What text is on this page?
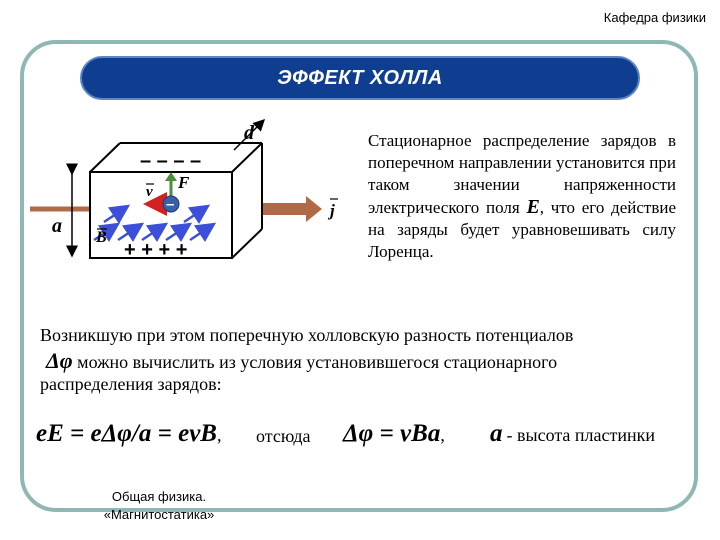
Кафедра физики
ЭФФЕКТ ХОЛЛА
d
a
– – – –
+ + + +
F
v
–
B
j
Стационарное распределение зарядов в поперечном направлении установится при таком значении напряженности электрического поля E, что его действие на заряды будет уравновешивать силу Лоренца.
Возникшую при этом поперечную холловскую разность потенциалов
Δφ можно вычислить из условия установившегося стационарного
распределения зарядов:
eE = eΔφ/a = evB, отсюда Δφ = vBa, a - высота пластинки
Общая физика.
«Магнитостатика»
